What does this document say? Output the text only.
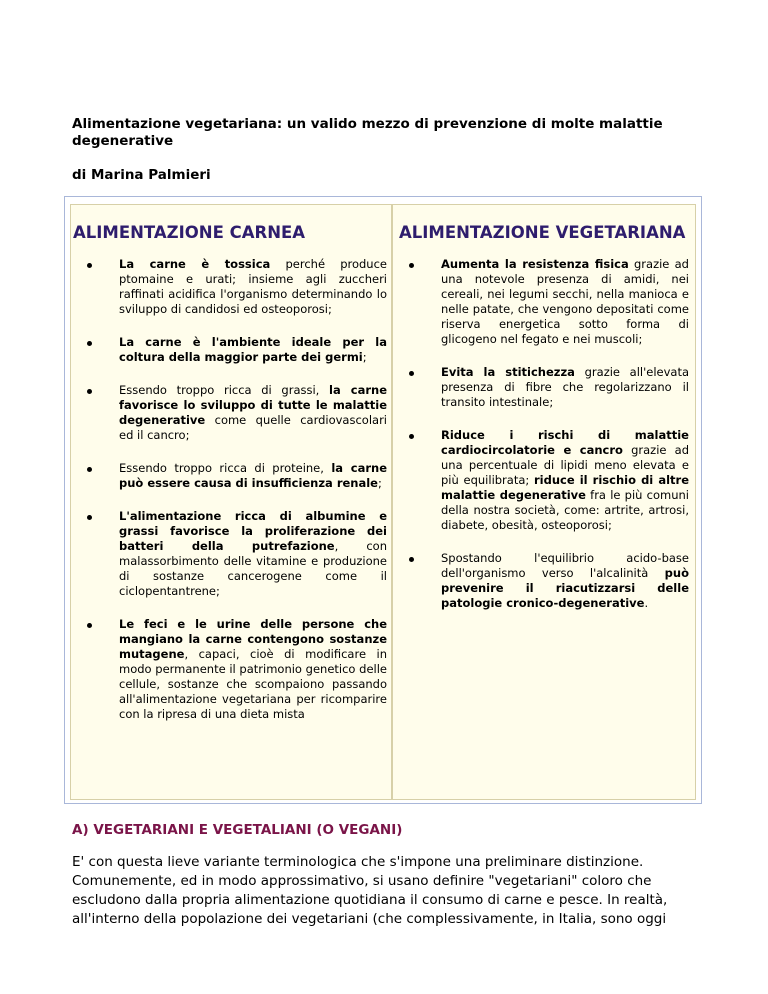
Alimentazione vegetariana: un valido mezzo di prevenzione di molte malattie degenerative
di Marina Palmieri
ALIMENTAZIONE CARNEA
La carne è tossica perché produce ptomaine e urati; insieme agli zuccheri raffinati acidifica l'organismo determinando lo sviluppo di candidosi ed osteoporosi;
La carne è l'ambiente ideale per la coltura della maggior parte dei germi;
Essendo troppo ricca di grassi, la carne favorisce lo sviluppo di tutte le malattie degenerative come quelle cardiovascolari ed il cancro;
Essendo troppo ricca di proteine, la carne può essere causa di insufficienza renale;
L'alimentazione ricca di albumine e grassi favorisce la proliferazione dei batteri della putrefazione, con malassorbimento delle vitamine e produzione di sostanze cancerogene come il ciclopentantrene;
Le feci e le urine delle persone che mangiano la carne contengono sostanze mutagene, capaci, cioè di modificare in modo permanente il patrimonio genetico delle cellule, sostanze che scompaiono passando all'alimentazione vegetariana per ricomparire con la ripresa di una dieta mista
ALIMENTAZIONE VEGETARIANA
Aumenta la resistenza fisica grazie ad una notevole presenza di amidi, nei cereali, nei legumi secchi, nella manioca e nelle patate, che vengono depositati come riserva energetica sotto forma di glicogeno nel fegato e nei muscoli;
Evita la stitichezza grazie all'elevata presenza di fibre che regolarizzano il transito intestinale;
Riduce i rischi di malattie cardiocircolatorie e cancro grazie ad una percentuale di lipidi meno elevata e più equilibrata; riduce il rischio di altre malattie degenerative fra le più comuni della nostra società, come: artrite, artrosi, diabete, obesità, osteoporosi;
Spostando l'equilibrio acido-base dell'organismo verso l'alcalinità può prevenire il riacutizzarsi delle patologie cronico-degenerative.
A) VEGETARIANI E VEGETALIANI (O VEGANI)
E' con questa lieve variante terminologica che s'impone una preliminare distinzione.
Comunemente, ed in modo approssimativo, si usano definire "vegetariani" coloro che
escludono dalla propria alimentazione quotidiana il consumo di carne e pesce. In realtà,
all'interno della popolazione dei vegetariani (che complessivamente, in Italia, sono oggi
